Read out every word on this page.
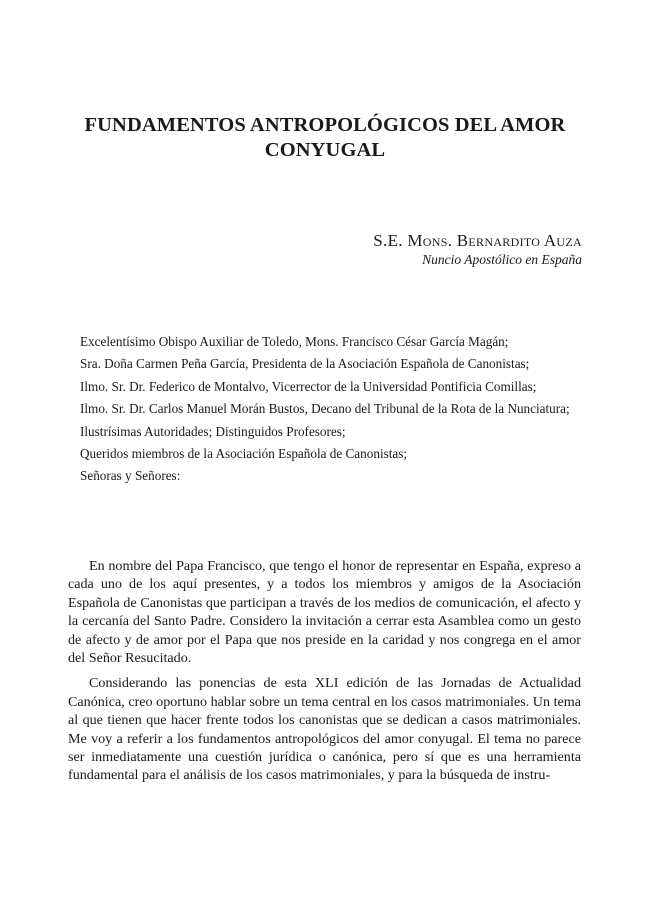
FUNDAMENTOS ANTROPOLÓGICOS DEL AMOR CONYUGAL
S.E. Mons. Bernardito Auza
Nuncio Apostólico en España
Excelentísimo Obispo Auxiliar de Toledo, Mons. Francisco César García Magán;
Sra. Doña Carmen Peña García, Presidenta de la Asociación Española de Canonistas;
Ilmo. Sr. Dr. Federico de Montalvo, Vicerrector de la Universidad Pontificia Comillas;
Ilmo. Sr. Dr. Carlos Manuel Morán Bustos, Decano del Tribunal de la Rota de la Nunciatura;
Ilustrísimas Autoridades; Distinguidos Profesores;
Queridos miembros de la Asociación Española de Canonistas;
Señoras y Señores:

En nombre del Papa Francisco, que tengo el honor de representar en España, expreso a cada uno de los aquí presentes, y a todos los miembros y amigos de la Asociación Española de Canonistas que participan a través de los medios de comunicación, el afecto y la cercanía del Santo Padre. Considero la invitación a cerrar esta Asamblea como un gesto de afecto y de amor por el Papa que nos preside en la caridad y nos congrega en el amor del Señor Resucitado.

Considerando las ponencias de esta XLI edición de las Jornadas de Actualidad Canónica, creo oportuno hablar sobre un tema central en los casos matrimoniales. Un tema al que tienen que hacer frente todos los canonistas que se dedican a casos matrimoniales. Me voy a referir a los fundamentos antropológicos del amor conyugal. El tema no parece ser inmediatamente una cuestión jurídica o canónica, pero sí que es una herramienta fundamental para el análisis de los casos matrimoniales, y para la búsqueda de instru-
